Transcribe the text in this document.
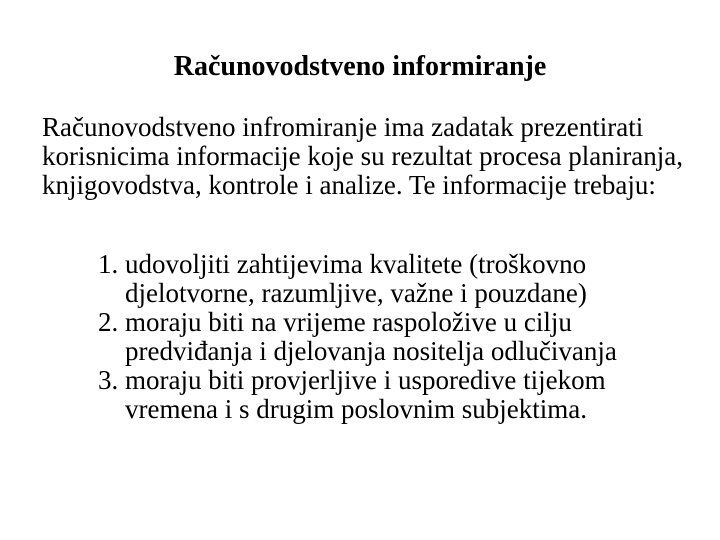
Računovodstveno informiranje

Računovodstveno infromiranje ima zadatak prezentirati korisnicima informacije koje su rezultat procesa planiranja, knjigovodstva, kontrole i analize. Te informacije trebaju:

1. udovoljiti zahtijevima kvalitete (troškovno djelotvorne, razumljive, važne i pouzdane)
2. moraju biti na vrijeme raspoložive u cilju predviđanja i djelovanja nositelja odlučivanja
3. moraju biti provjerljive i usporedive tijekom vremena i s drugim poslovnim subjektima.
